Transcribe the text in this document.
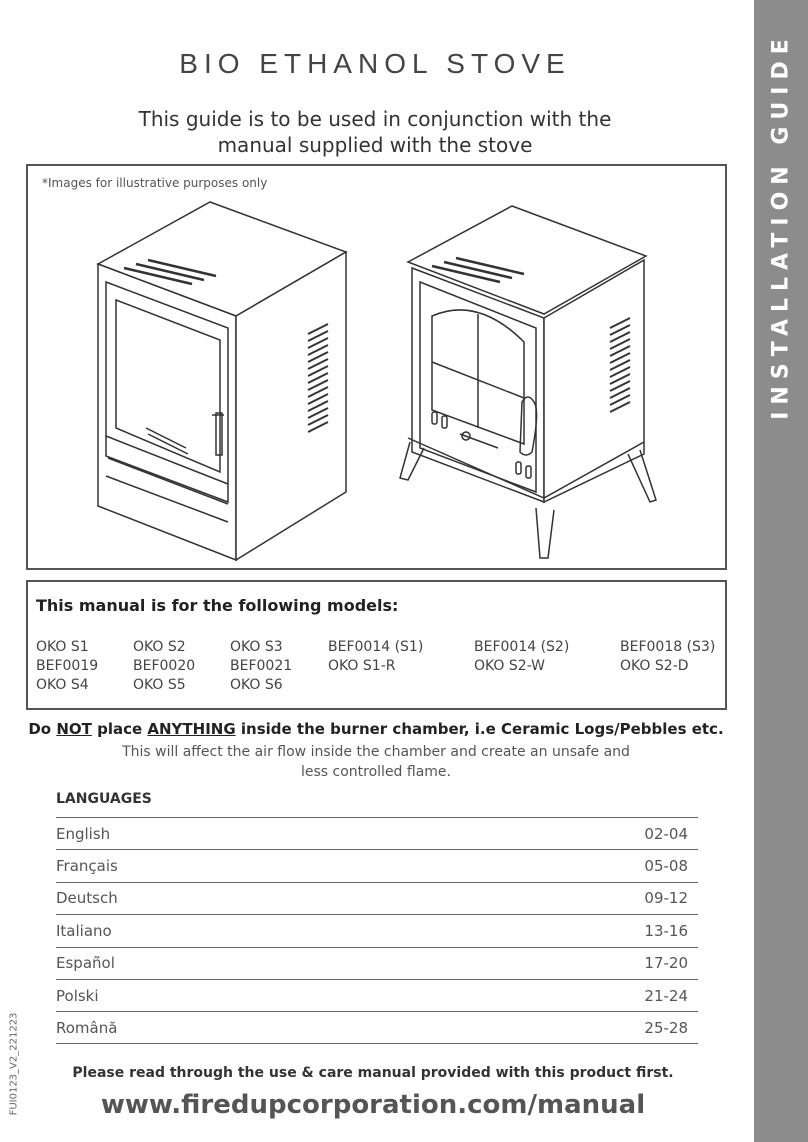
INSTALLATION GUIDE
BIO ETHANOL STOVE
This guide is to be used in conjunction with the
manual supplied with the stove
*Images for illustrative purposes only
This manual is for the following models:
OKO S1	OKO S2	OKO S3	BEF0014 (S1)	BEF0014 (S2)	BEF0018 (S3)
BEF0019	BEF0020	BEF0021	OKO S1-R	OKO S2-W	OKO S2-D
OKO S4	OKO S5	OKO S6
Do NOT place ANYTHING inside the burner chamber, i.e Ceramic Logs/Pebbles etc.
This will affect the air flow inside the chamber and create an unsafe and
less controlled flame.
LANGUAGES
English	02-04
Français	05-08
Deutsch	09-12
Italiano	13-16
Español	17-20
Polski	21-24
Română	25-28
FUI0123_V2_221223	Please read through the use & care manual provided with this product first.
www.firedupcorporation.com/manual
